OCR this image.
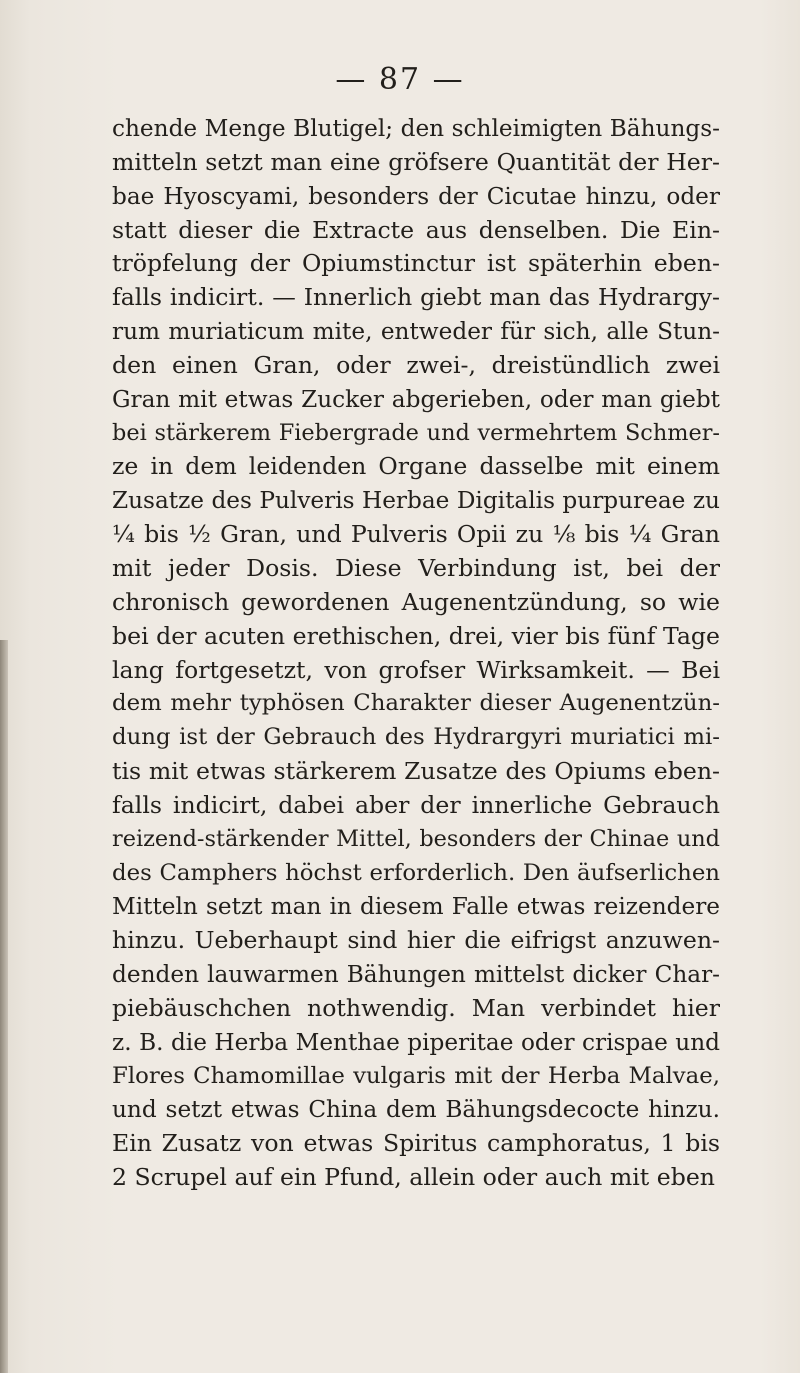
— 87 —
chende Menge Blutigel; den schleimigten Bähungs-
mitteln setzt man eine gröfsere Quantität der Her-
bae Hyoscyami, besonders der Cicutae hinzu, oder
statt dieser die Extracte aus denselben. Die Ein-
tröpfelung der Opiumstinctur ist späterhin eben-
falls indicirt. — Innerlich giebt man das Hydrargy-
rum muriaticum mite, entweder für sich, alle Stun-
den einen Gran, oder zwei-, dreistündlich zwei
Gran mit etwas Zucker abgerieben, oder man giebt
bei stärkerem Fiebergrade und vermehrtem Schmer-
ze in dem leidenden Organe dasselbe mit einem
Zusatze des Pulveris Herbae Digitalis purpureae zu
¼ bis ½ Gran, und Pulveris Opii zu ⅛ bis ¼ Gran
mit jeder Dosis. Diese Verbindung ist, bei der
chronisch gewordenen Augenentzündung, so wie
bei der acuten erethischen, drei, vier bis fünf Tage
lang fortgesetzt, von grofser Wirksamkeit. — Bei
dem mehr typhösen Charakter dieser Augenentzün-
dung ist der Gebrauch des Hydrargyri muriatici mi-
tis mit etwas stärkerem Zusatze des Opiums eben-
falls indicirt, dabei aber der innerliche Gebrauch
reizend-stärkender Mittel, besonders der Chinae und
des Camphers höchst erforderlich. Den äufserlichen
Mitteln setzt man in diesem Falle etwas reizendere
hinzu. Ueberhaupt sind hier die eifrigst anzuwen-
denden lauwarmen Bähungen mittelst dicker Char-
piebäuschchen nothwendig. Man verbindet hier
z. B. die Herba Menthae piperitae oder crispae und
Flores Chamomillae vulgaris mit der Herba Malvae,
und setzt etwas China dem Bähungsdecocte hinzu.
Ein Zusatz von etwas Spiritus camphoratus, 1 bis
2 Scrupel auf ein Pfund, allein oder auch mit eben
